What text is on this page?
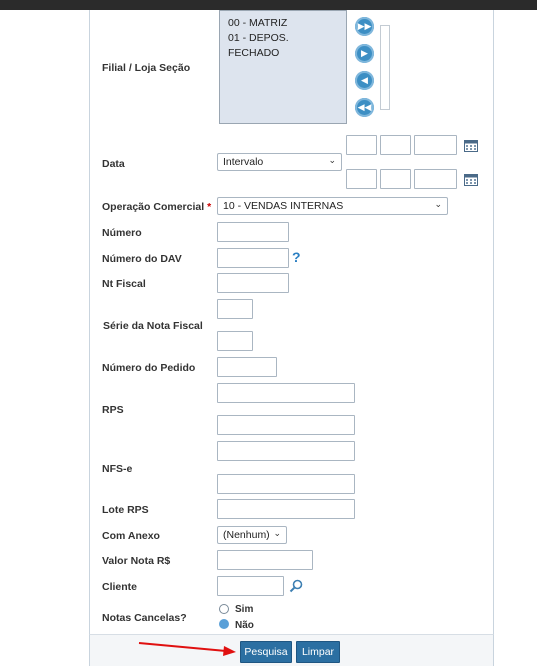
Filial / Loja Seção
00 - MATRIZ
01 - DEPOS. FECHADO
▶▶
▶
◀
◀◀
Data	Intervalo	⌄
Operação Comercial *	10 - VENDAS INTERNAS	⌄
Número
Número do DAV	?
Nt Fiscal
Série da Nota Fiscal
Número do Pedido
RPS
NFS-e
Lote RPS
Com Anexo	(Nenhum) ⌄
Valor Nota R$
Cliente
Notas Cancelas?
Sim
Não
Pesquisa	Limpar
